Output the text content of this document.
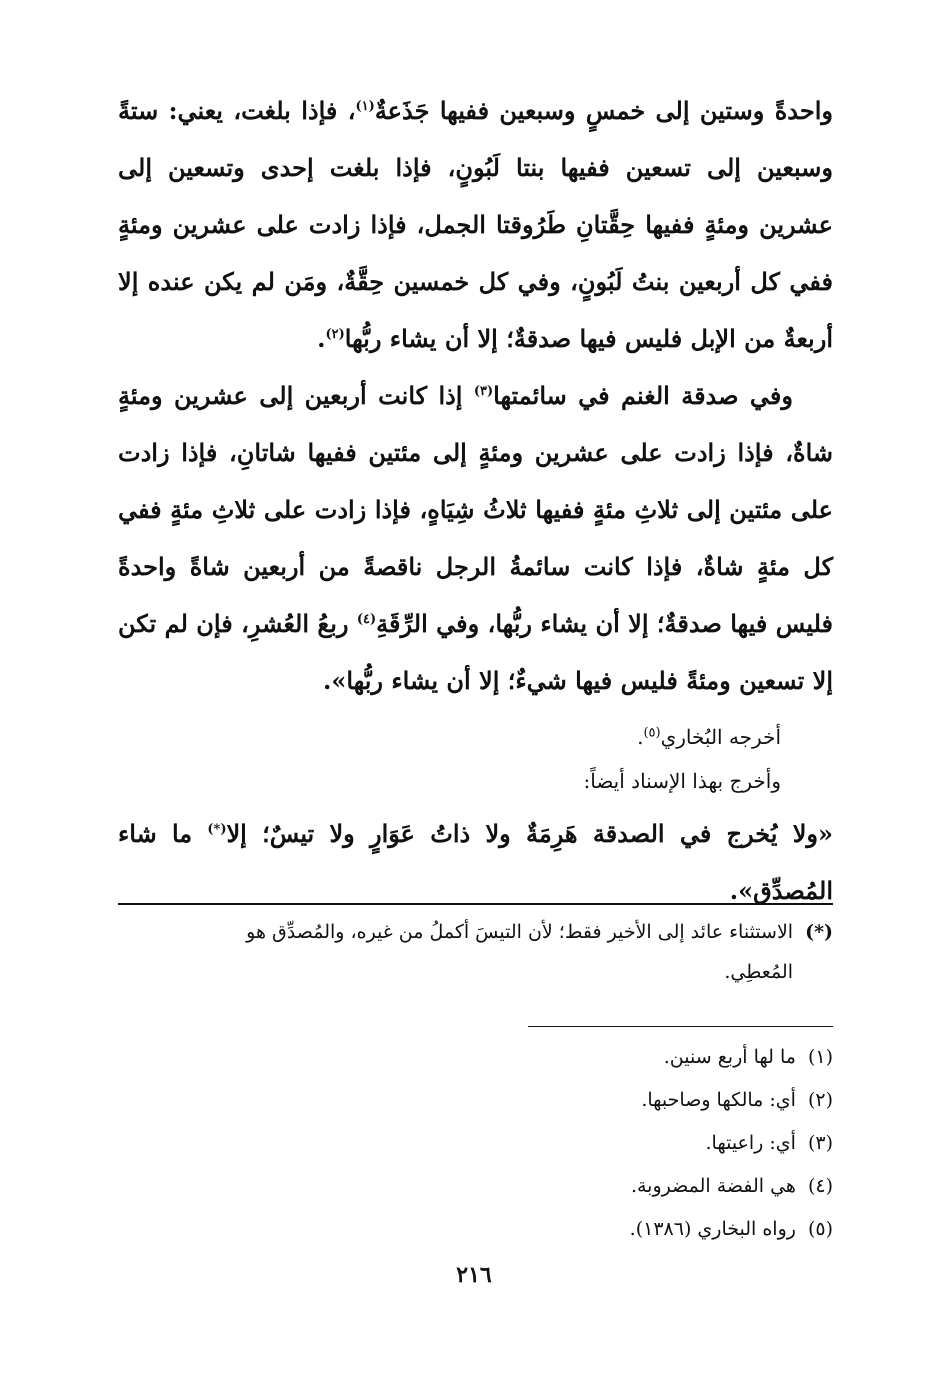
واحدةً وستين إلى خمسٍ وسبعين ففيها جَذَعةٌ$^{(١)}$، فإذا بلغت، يعني: ستةً وسبعين إلى تسعين ففيها بنتا لَبُونٍ، فإذا بلغت إحدى وتسعين إلى عشرين ومئةٍ ففيها حِقَّتانِ طَرُوقتا الجمل، فإذا زادت على عشرين ومئةٍ ففي كل أربعين بنتُ لَبُونٍ، وفي كل خمسين حِقَّةٌ، ومَن لم يكن عنده إلا أربعةٌ من الإبل فليس فيها صدقةٌ؛ إلا أن يشاء ربُّها$^{(٢)}$.

وفي صدقة الغنم في سائمتها$^{(٣)}$ إذا كانت أربعين إلى عشرين ومئةٍ شاةٌ، فإذا زادت على عشرين ومئةٍ إلى مئتين ففيها شاتانِ، فإذا زادت على مئتين إلى ثلاثِ مئةٍ ففيها ثلاثُ شِيَاهٍ، فإذا زادت على ثلاثِ مئةٍ ففي كل مئةٍ شاةٌ، فإذا كانت سائمةُ الرجل ناقصةً من أربعين شاةً واحدةً فليس فيها صدقةٌ؛ إلا أن يشاء ربُّها، وفي الرِّقَةِ$^{(٤)}$ ربعُ العُشرِ، فإن لم تكن إلا تسعين ومئةً فليس فيها شيءٌ؛ إلا أن يشاء ربُّها».

أخرجه البُخاري$^{(٥)}$.
وأخرج بهذا الإسناد أيضاً:

«ولا يُخرج في الصدقة هَرِمَةٌ ولا ذاتُ عَوَارٍ ولا تيسٌ؛ إلا(*) ما شاء المُصدِّق».

(*)الاستثناء عائد إلى الأخير فقط؛ لأن التيسَ أكملُ من غيره، والمُصدِّق هو
المُعطِي.
(١)ما لها أربع سنين.
(٢)أي: مالكها وصاحبها.
(٣)أي: راعيتها.
(٤)هي الفضة المضروبة.
(٥)رواه البخاري (١٣٨٦).
٢١٦
